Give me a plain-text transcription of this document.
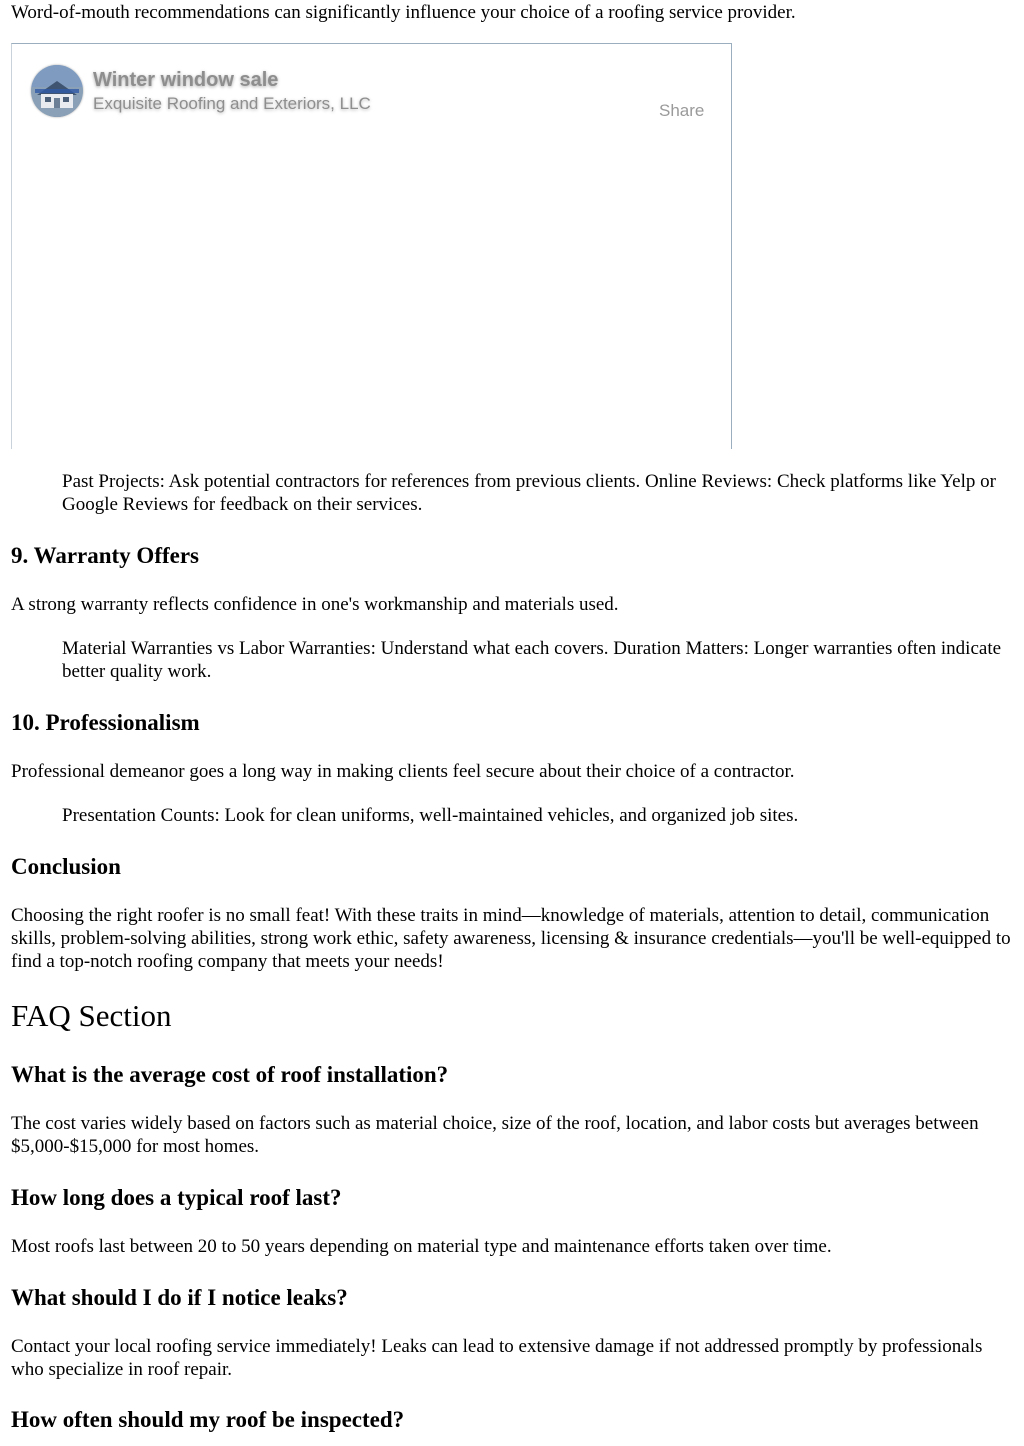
Word-of-mouth recommendations can significantly influence your choice of a roofing service provider.

Winter window sale
Exquisite Roofing and Exteriors, LLC	Share

Past Projects: Ask potential contractors for references from previous clients. Online Reviews: Check platforms like Yelp or Google Reviews for feedback on their services.

9. Warranty Offers

A strong warranty reflects confidence in one's workmanship and materials used.

Material Warranties vs Labor Warranties: Understand what each covers. Duration Matters: Longer warranties often indicate better quality work.

10. Professionalism

Professional demeanor goes a long way in making clients feel secure about their choice of a contractor.

Presentation Counts: Look for clean uniforms, well-maintained vehicles, and organized job sites.

Conclusion

Choosing the right roofer is no small feat! With these traits in mind—knowledge of materials, attention to detail, communication skills, problem-solving abilities, strong work ethic, safety awareness, licensing & insurance credentials—you'll be well-equipped to find a top-notch roofing company that meets your needs!

FAQ Section
What is the average cost of roof installation?

The cost varies widely based on factors such as material choice, size of the roof, location, and labor costs but averages between $5,000-$15,000 for most homes.

How long does a typical roof last?

Most roofs last between 20 to 50 years depending on material type and maintenance efforts taken over time.

What should I do if I notice leaks?

Contact your local roofing service immediately! Leaks can lead to extensive damage if not addressed promptly by professionals who specialize in roof repair.

How often should my roof be inspected?
